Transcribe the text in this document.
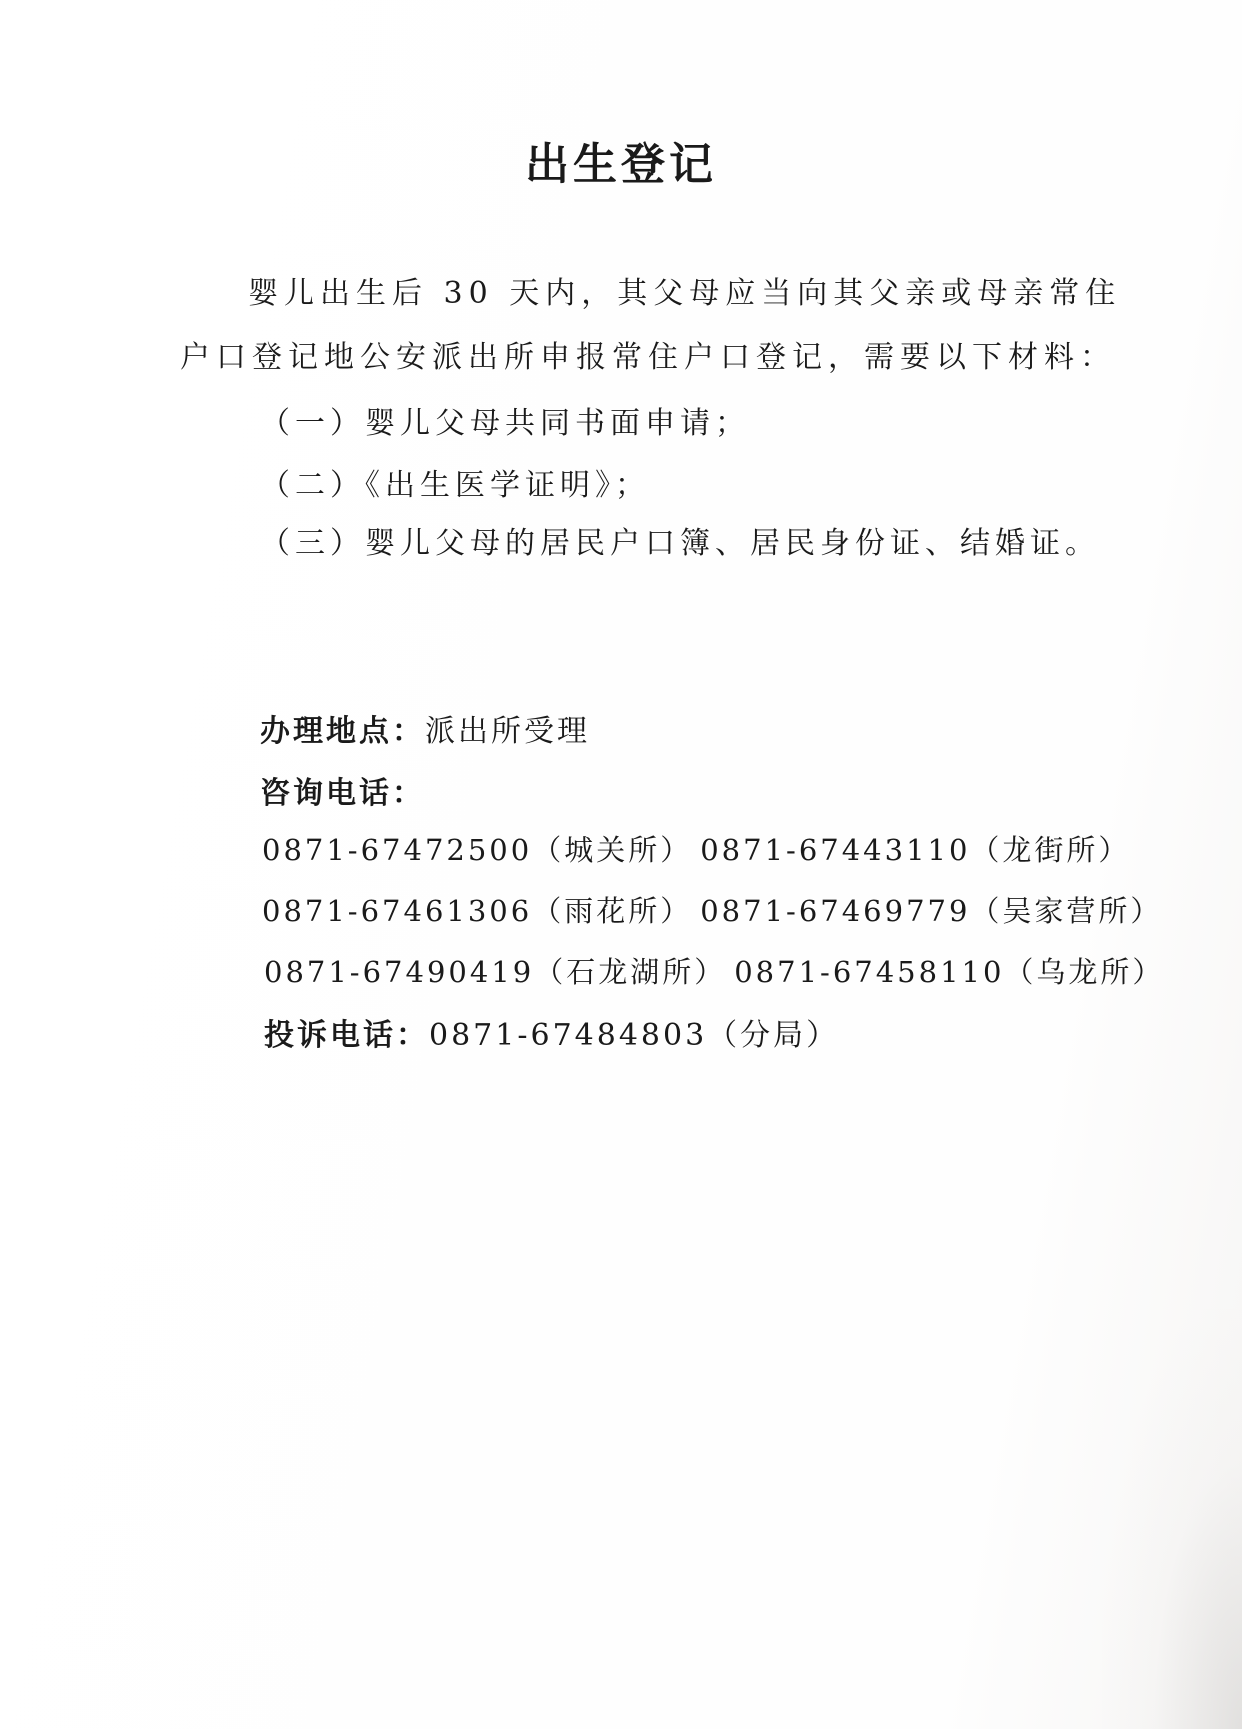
出生登记
婴儿出生后 30 天内，其父母应当向其父亲或母亲常住
户口登记地公安派出所申报常住户口登记，需要以下材料：
（一）婴儿父母共同书面申请；
（二）《出生医学证明》；
（三）婴儿父母的居民户口簿、居民身份证、结婚证。
办理地点：派出所受理
咨询电话：
0871-67472500（城关所） 0871-67443110（龙街所）
0871-67461306（雨花所） 0871-67469779（吴家营所）
0871-67490419（石龙湖所） 0871-67458110（乌龙所）
投诉电话：0871-67484803（分局）
